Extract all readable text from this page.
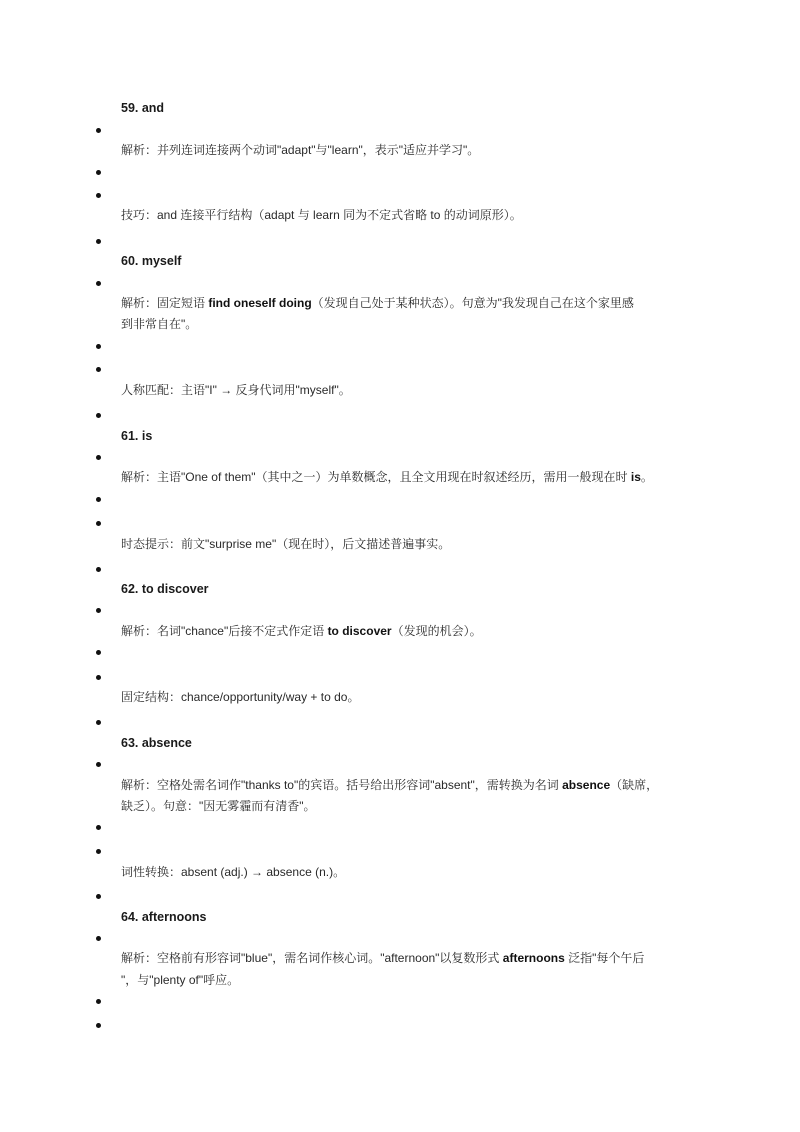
59. and
解析：并列连词连接两个动词"adapt"与"learn"，表示"适应并学习"。
技巧：and 连接平行结构（adapt 与 learn 同为不定式省略 to 的动词原形）。
60. myself
解析：固定短语 find oneself doing（发现自己处于某种状态）。句意为"我发现自己在这个家里感
到非常自在"。
人称匹配：主语"I" → 反身代词用"myself"。
61. is
解析：主语"One of them"（其中之一）为单数概念，且全文用现在时叙述经历，需用一般现在时 is。
时态提示：前文"surprise me"（现在时），后文描述普遍事实。
62. to discover
解析：名词"chance"后接不定式作定语 to discover（发现的机会）。
固定结构：chance/opportunity/way + to do。
63. absence
解析：空格处需名词作"thanks to"的宾语。括号给出形容词"absent"，需转换为名词 absence（缺席，
缺乏）。句意："因无雾霾而有清香"。
词性转换：absent (adj.) → absence (n.)。
64. afternoons
解析：空格前有形容词"blue"，需名词作核心词。"afternoon"以复数形式 afternoons 泛指"每个午后
"，与"plenty of"呼应。
